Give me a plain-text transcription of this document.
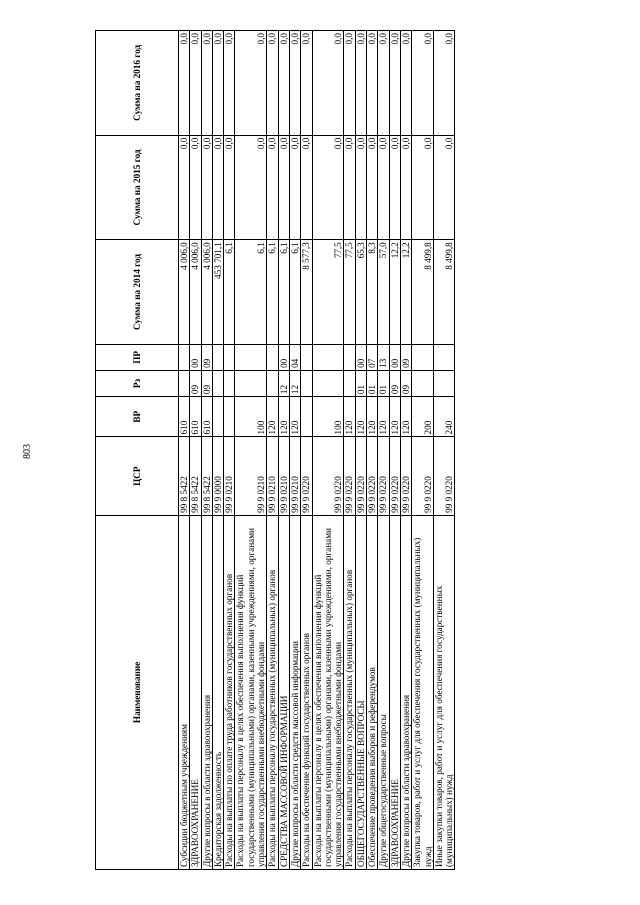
803
Наименование	ЦСР	ВР	Рз	ПР	Сумма на 2014 год	Сумма на 2015 год	Сумма на 2016 год
Субсидии бюджетным учреждениям	99 8 5422	610			4 006,0	0,0	0,0
ЗДРАВООХРАНЕНИЕ	99 8 5422	610	09	00	4 006,0	0,0	0,0
Другие вопросы в области здравоохранения	99 8 5422	610	09	09	4 006,0	0,0	0,0
Кредиторская задолженность	99 9 0000				453 701,1	0,0	0,0
Расходы на выплаты по оплате труда работников государственных органов	99 9 0210				6,1	0,0	0,0
Расходы на выплаты персоналу в целях обеспечения выполнения функций государственными (муниципальными) органами, казенными учреждениями, органами управления государственными внебюджетными фондами	99 9 0210	100			6,1	0,0	0,0
Расходы на выплаты персоналу государственных (муниципальных) органов	99 9 0210	120			6,1	0,0	0,0
СРЕДСТВА МАССОВОЙ ИНФОРМАЦИИ	99 9 0210	120	12	00	6,1	0,0	0,0
Другие вопросы в области средств массовой информации	99 9 0210	120	12	04	6,1	0,0	0,0
Расходы на обеспечение функций государственных органов	99 9 0220				8 577,3	0,0	0,0
Расходы на выплаты персоналу в целях обеспечения выполнения функций государственными (муниципальными) органами, казенными учреждениями, органами управления государственными внебюджетными фондами	99 9 0220	100			77,5	0,0	0,0
Расходы на выплаты персоналу государственных (муниципальных) органов	99 9 0220	120			77,5	0,0	0,0
ОБЩЕГОСУДАРСТВЕННЫЕ ВОПРОСЫ	99 9 0220	120	01	00	65,3	0,0	0,0
Обеспечение проведения выборов и референдумов	99 9 0220	120	01	07	8,3	0,0	0,0
Другие общегосударственные вопросы	99 9 0220	120	01	13	57,0	0,0	0,0
ЗДРАВООХРАНЕНИЕ	99 9 0220	120	09	00	12,2	0,0	0,0
Другие вопросы в области здравоохранения	99 9 0220	120	09	09	12,2	0,0	0,0
Закупка товаров, работ и услуг для обеспечения государственных (муниципальных) нужд	99 9 0220	200			8 499,8	0,0	0,0
Иные закупки товаров, работ и услуг для обеспечения государственных (муниципальных) нужд	99 9 0220	240			8 499,8	0,0	0,0
